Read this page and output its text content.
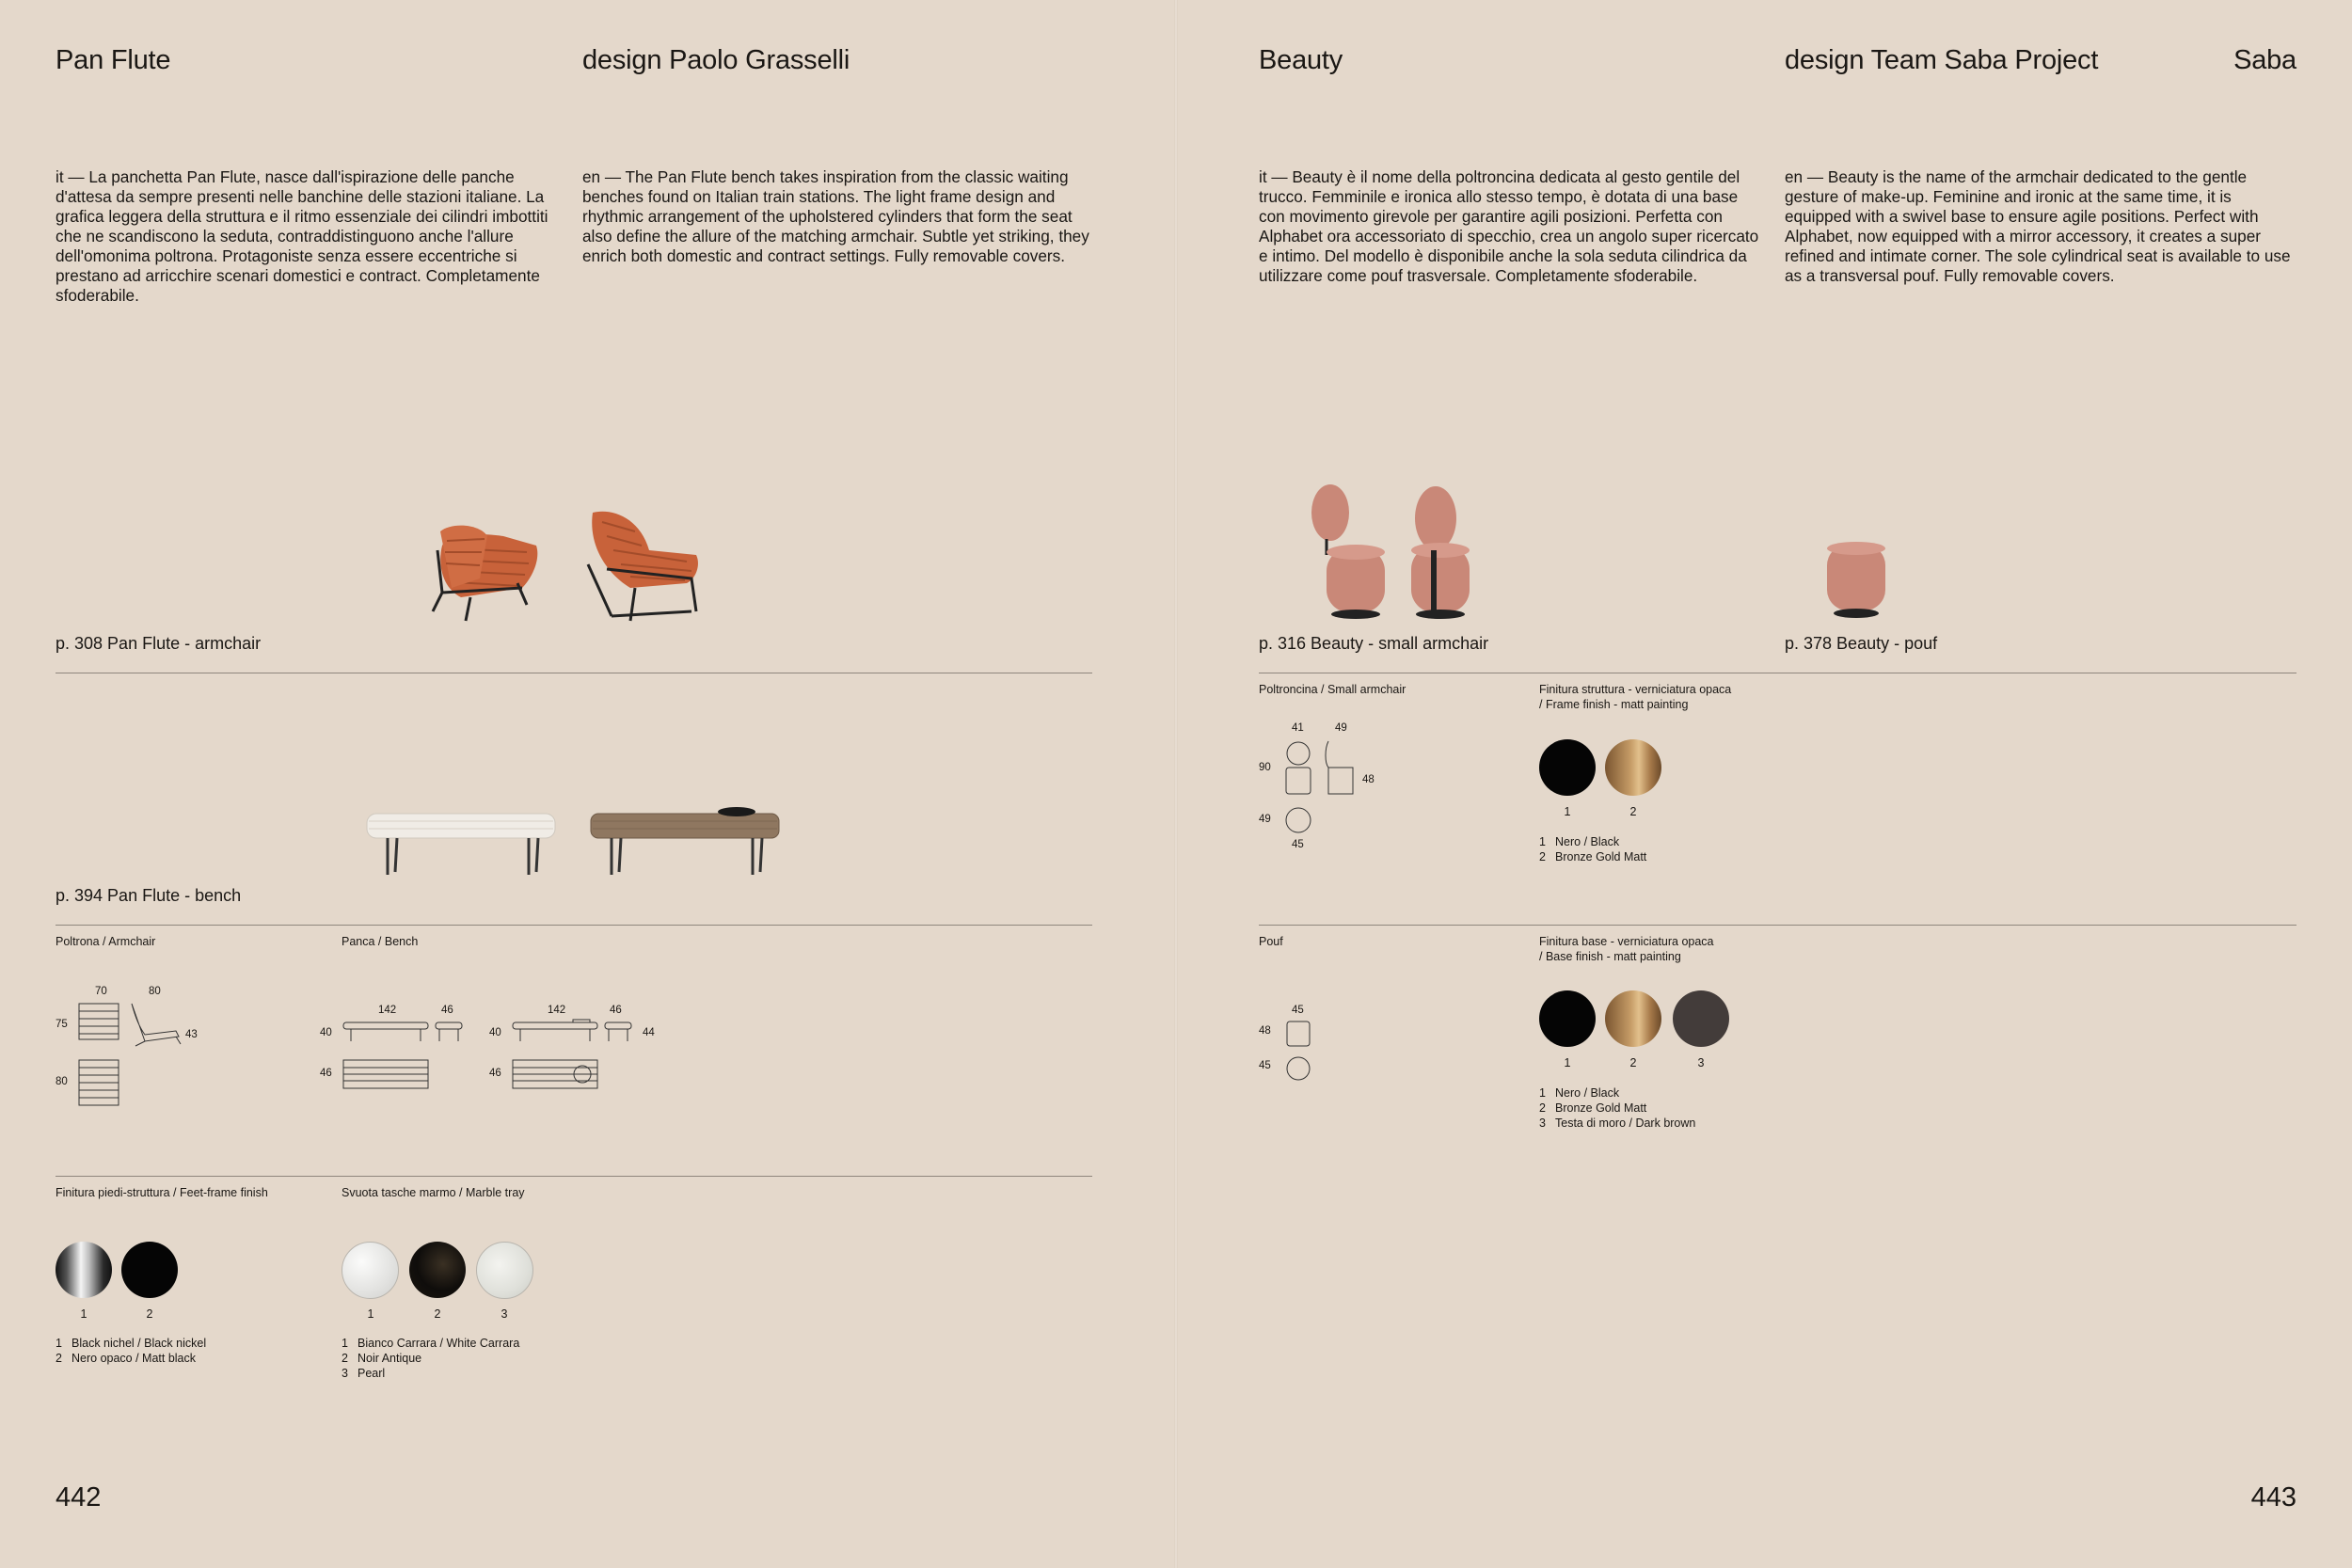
Pan Flute	design Paolo Grasselli
it — La panchetta Pan Flute, nasce dall'ispirazione delle panche d'attesa da sempre presenti nelle banchine delle stazioni italiane. La grafica leggera della struttura e il ritmo essenziale dei cilindri imbottiti che ne scandiscono la seduta, contraddistinguono anche l'allure dell'omonima poltrona. Protagoniste senza essere eccentriche si prestano ad arricchire scenari domestici e contract. Completamente sfoderabile.
en — The Pan Flute bench takes inspiration from the classic waiting benches found on Italian train stations. The light frame design and rhythmic arrangement of the upholstered cylinders that form the seat also define the allure of the matching armchair. Subtle yet striking, they enrich both domestic and contract settings. Fully removable covers.
p. 308 Pan Flute - armchair
p. 394 Pan Flute - bench
Poltrona / Armchair	Panca / Bench
70	80
75
43
80
142	46
40
46
142	46
40
46
44
Finitura piedi-struttura / Feet-frame finish	Svuota tasche marmo / Marble tray
1	2
1 Black nichel / Black nickel
2 Nero opaco / Matt black
1	2	3
1 Bianco Carrara / White Carrara
2 Noir Antique
3 Pearl
442
Beauty	design Team Saba Project	Saba
it — Beauty è il nome della poltroncina dedicata al gesto gentile del trucco. Femminile e ironica allo stesso tempo, è dotata di una base con movimento girevole per garantire agili posizioni. Perfetta con Alphabet ora accessoriato di specchio, crea un angolo super ricercato e intimo. Del modello è disponibile anche la sola seduta cilindrica da utilizzare come pouf trasversale. Completamente sfoderabile.
en — Beauty is the name of the armchair dedicated to the gentle gesture of make-up. Feminine and ironic at the same time, it is equipped with a swivel base to ensure agile positions. Perfect with Alphabet, now equipped with a mirror accessory, it creates a super refined and intimate corner. The sole cylindrical seat is available to use as a transversal pouf. Fully removable covers.
p. 316 Beauty - small armchair	p. 378 Beauty - pouf
Poltroncina / Small armchair	Finitura struttura - verniciatura opaca
/ Frame finish - matt painting
41	49
90
48
49
45
1	2
1 Nero / Black
2 Bronze Gold Matt
Pouf	Finitura base - verniciatura opaca
/ Base finish - matt painting
45
48
45	1	2	3
1 Nero / Black
2 Bronze Gold Matt
3 Testa di moro / Dark brown
443
